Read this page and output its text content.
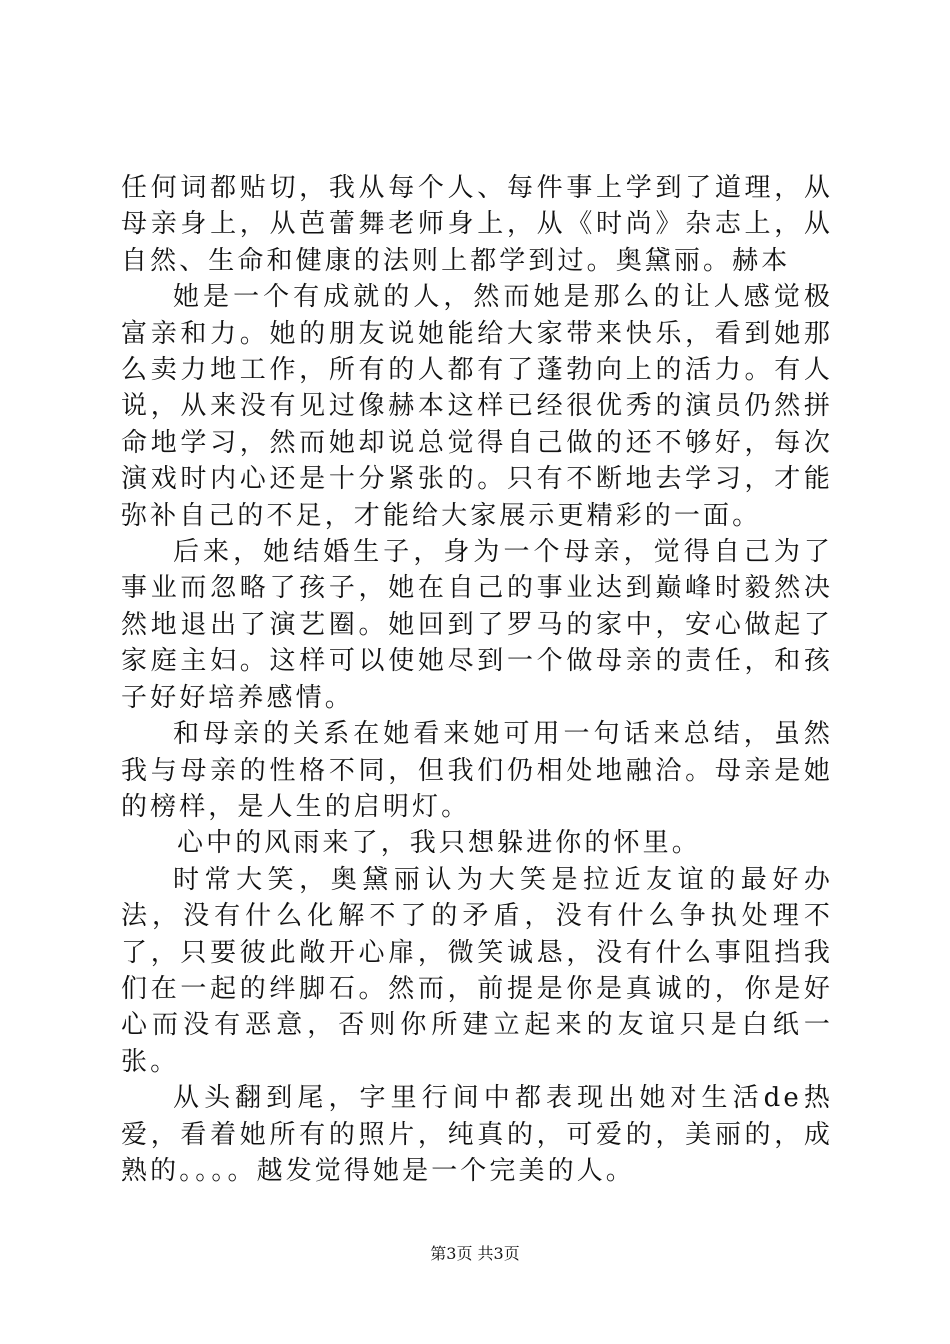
任何词都贴切，我从每个人、每件事上学到了道理，从母亲身上，从芭蕾舞老师身上，从《时尚》杂志上，从自然、生命和健康的法则上都学到过。奥黛丽。赫本

她是一个有成就的人，然而她是那么的让人感觉极富亲和力。她的朋友说她能给大家带来快乐，看到她那么卖力地工作，所有的人都有了蓬勃向上的活力。有人说，从来没有见过像赫本这样已经很优秀的演员仍然拼命地学习，然而她却说总觉得自己做的还不够好，每次演戏时内心还是十分紧张的。只有不断地去学习，才能弥补自己的不足，才能给大家展示更精彩的一面。

后来，她结婚生子，身为一个母亲，觉得自己为了事业而忽略了孩子，她在自己的事业达到巅峰时毅然决然地退出了演艺圈。她回到了罗马的家中，安心做起了家庭主妇。这样可以使她尽到一个做母亲的责任，和孩子好好培养感情。

和母亲的关系在她看来她可用一句话来总结，虽然我与母亲的性格不同，但我们仍相处地融洽。母亲是她的榜样，是人生的启明灯。

心中的风雨来了，我只想躲进你的怀里。

时常大笑，奥黛丽认为大笑是拉近友谊的最好办法，没有什么化解不了的矛盾，没有什么争执处理不了，只要彼此敞开心扉，微笑诚恳，没有什么事阻挡我们在一起的绊脚石。然而，前提是你是真诚的，你是好心而没有恶意，否则你所建立起来的友谊只是白纸一张。

从头翻到尾，字里行间中都表现出她对生活de热爱，看着她所有的照片，纯真的，可爱的，美丽的，成熟的。。。。越发觉得她是一个完美的人。

第3页 共3页
